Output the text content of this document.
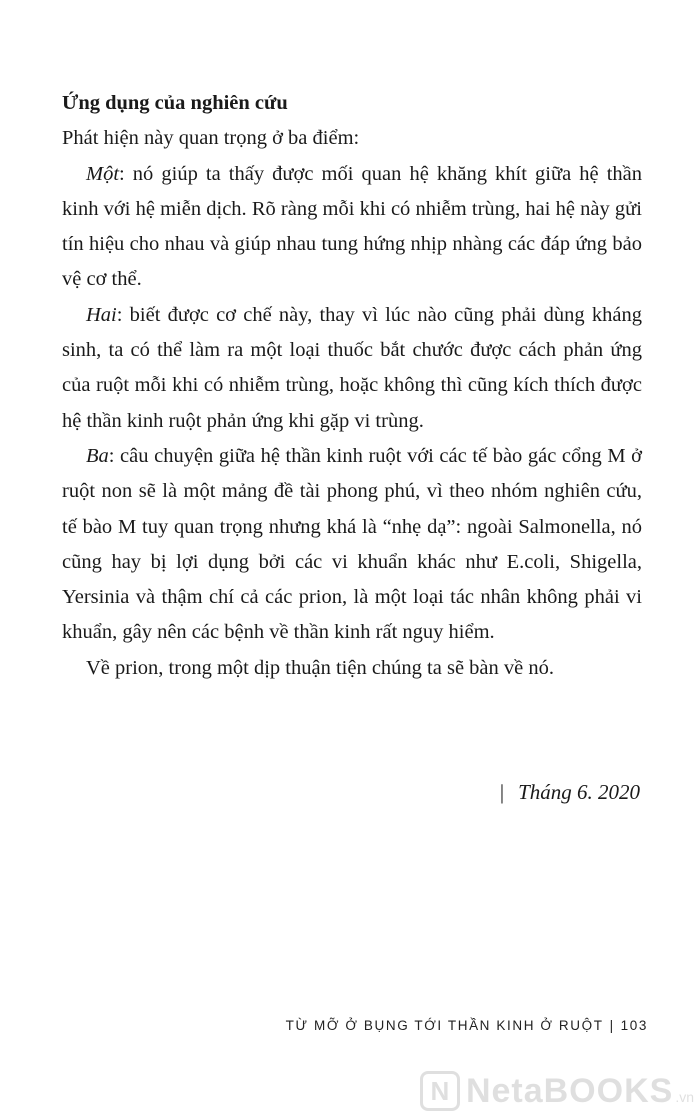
Ứng dụng của nghiên cứu

Phát hiện này quan trọng ở ba điểm:

Một: nó giúp ta thấy được mối quan hệ khăng khít giữa hệ thần kinh với hệ miễn dịch. Rõ ràng mỗi khi có nhiễm trùng, hai hệ này gửi tín hiệu cho nhau và giúp nhau tung hứng nhịp nhàng các đáp ứng bảo vệ cơ thể.

Hai: biết được cơ chế này, thay vì lúc nào cũng phải dùng kháng sinh, ta có thể làm ra một loại thuốc bắt chước được cách phản ứng của ruột mỗi khi có nhiễm trùng, hoặc không thì cũng kích thích được hệ thần kinh ruột phản ứng khi gặp vi trùng.

Ba: câu chuyện giữa hệ thần kinh ruột với các tế bào gác cổng M ở ruột non sẽ là một mảng đề tài phong phú, vì theo nhóm nghiên cứu, tế bào M tuy quan trọng nhưng khá là “nhẹ dạ”: ngoài Salmonella, nó cũng hay bị lợi dụng bởi các vi khuẩn khác như E.coli, Shigella, Yersinia và thậm chí cả các prion, là một loại tác nhân không phải vi khuẩn, gây nên các bệnh về thần kinh rất nguy hiểm.

Về prion, trong một dịp thuận tiện chúng ta sẽ bàn về nó.

| Tháng 6. 2020
TỪ MỠ Ở BỤNG TỚI THẦN KINH Ở RUỘT | 103
N NetaBOOKS .vn
